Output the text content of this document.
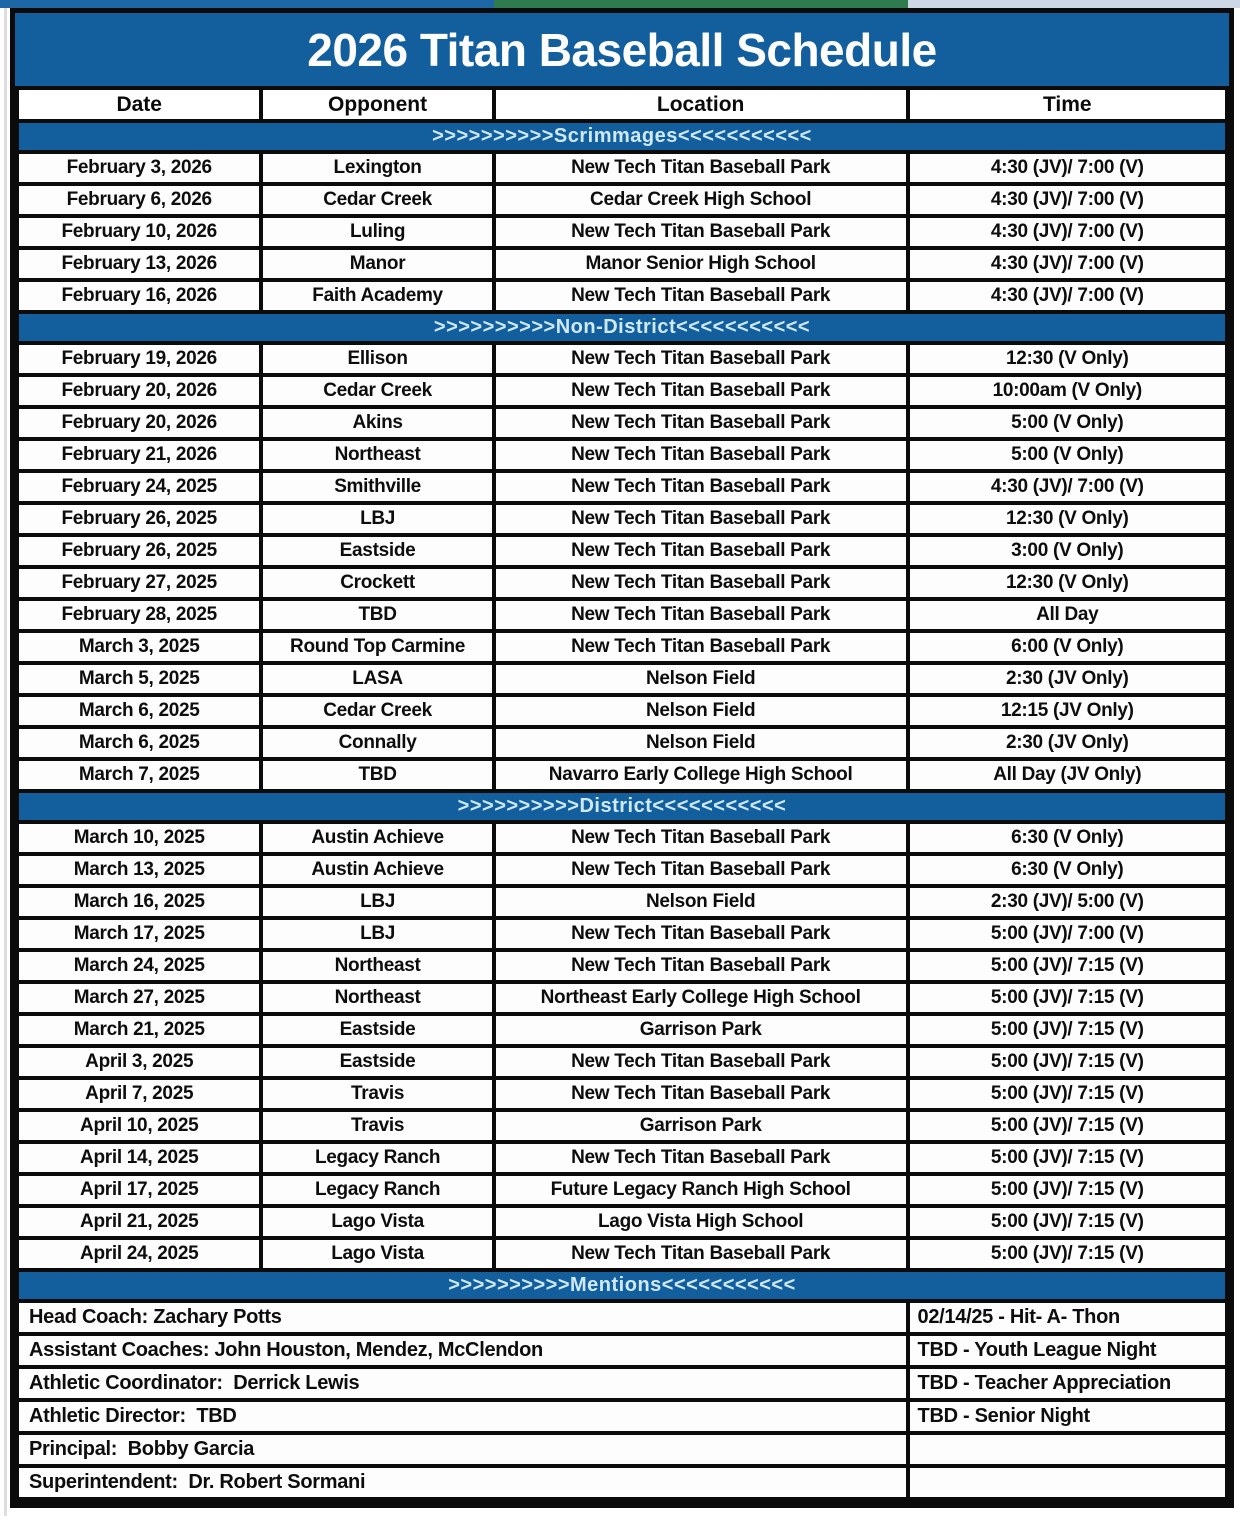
2026 Titan Baseball Schedule
Date	Opponent	Location	Time
>>>>>>>>>>Scrimmages<<<<<<<<<<<			
February 3, 2026	Lexington	New Tech Titan Baseball Park	4:30 (JV)/ 7:00 (V)
February 6, 2026	Cedar Creek	Cedar Creek High School	4:30 (JV)/ 7:00 (V)
February 10, 2026	Luling	New Tech Titan Baseball Park	4:30 (JV)/ 7:00 (V)
February 13, 2026	Manor	Manor Senior High School	4:30 (JV)/ 7:00 (V)
February 16, 2026	Faith Academy	New Tech Titan Baseball Park	4:30 (JV)/ 7:00 (V)
>>>>>>>>>>Non-District<<<<<<<<<<<			
February 19, 2026	Ellison	New Tech Titan Baseball Park	12:30 (V Only)
February 20, 2026	Cedar Creek	New Tech Titan Baseball Park	10:00am (V Only)
February 20, 2026	Akins	New Tech Titan Baseball Park	5:00 (V Only)
February 21, 2026	Northeast	New Tech Titan Baseball Park	5:00 (V Only)
February 24, 2025	Smithville	New Tech Titan Baseball Park	4:30 (JV)/ 7:00 (V)
February 26, 2025	LBJ	New Tech Titan Baseball Park	12:30 (V Only)
February 26, 2025	Eastside	New Tech Titan Baseball Park	3:00 (V Only)
February 27, 2025	Crockett	New Tech Titan Baseball Park	12:30 (V Only)
February 28, 2025	TBD	New Tech Titan Baseball Park	All Day
March 3, 2025	Round Top Carmine	New Tech Titan Baseball Park	6:00 (V Only)
March 5, 2025	LASA	Nelson Field	2:30 (JV Only)
March 6, 2025	Cedar Creek	Nelson Field	12:15 (JV Only)
March 6, 2025	Connally	Nelson Field	2:30 (JV Only)
March 7, 2025	TBD	Navarro Early College High School	All Day (JV Only)
>>>>>>>>>>District<<<<<<<<<<<			
March 10, 2025	Austin Achieve	New Tech Titan Baseball Park	6:30 (V Only)
March 13, 2025	Austin Achieve	New Tech Titan Baseball Park	6:30 (V Only)
March 16, 2025	LBJ	Nelson Field	2:30 (JV)/ 5:00 (V)
March 17, 2025	LBJ	New Tech Titan Baseball Park	5:00 (JV)/ 7:00 (V)
March 24, 2025	Northeast	New Tech Titan Baseball Park	5:00 (JV)/ 7:15 (V)
March 27, 2025	Northeast	Northeast Early College High School	5:00 (JV)/ 7:15 (V)
March 21, 2025	Eastside	Garrison Park	5:00 (JV)/ 7:15 (V)
April 3, 2025	Eastside	New Tech Titan Baseball Park	5:00 (JV)/ 7:15 (V)
April 7, 2025	Travis	New Tech Titan Baseball Park	5:00 (JV)/ 7:15 (V)
April 10, 2025	Travis	Garrison Park	5:00 (JV)/ 7:15 (V)
April 14, 2025	Legacy Ranch	New Tech Titan Baseball Park	5:00 (JV)/ 7:15 (V)
April 17, 2025	Legacy Ranch	Future Legacy Ranch High School	5:00 (JV)/ 7:15 (V)
April 21, 2025	Lago Vista	Lago Vista High School	5:00 (JV)/ 7:15 (V)
April 24, 2025	Lago Vista	New Tech Titan Baseball Park	5:00 (JV)/ 7:15 (V)
>>>>>>>>>>Mentions<<<<<<<<<<<			
Head Coach: Zachary Potts			02/14/25 - Hit- A- Thon
Assistant Coaches: John Houston, Mendez, McClendon			TBD - Youth League Night
Athletic Coordinator:  Derrick Lewis			TBD - Teacher Appreciation
Athletic Director:  TBD			TBD - Senior Night
Principal:  Bobby Garcia			
Superintendent:  Dr. Robert Sormani			
